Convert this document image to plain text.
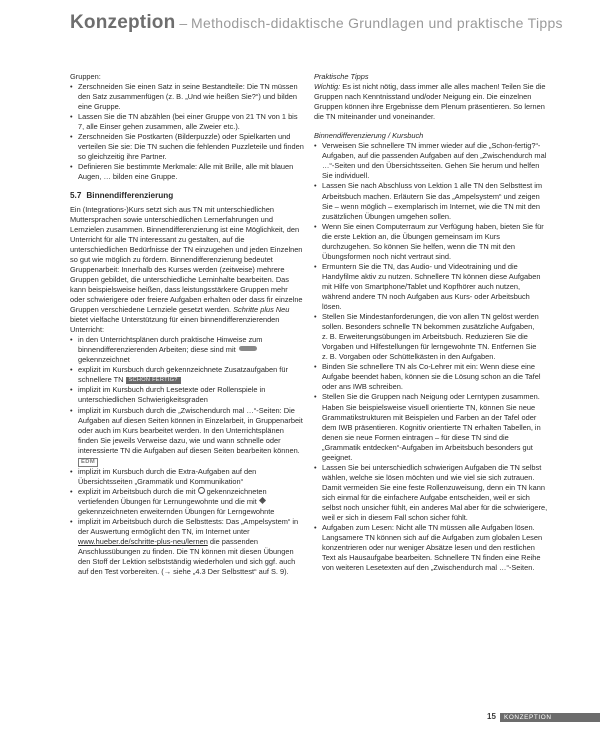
Konzeption – Methodisch-didaktische Grundlagen und praktische Tipps

Gruppen:

• Zerschneiden Sie einen Satz in seine Bestandteile: Die TN müssen den Satz zusammenfügen (z. B. „Und wie heißen Sie?“) und bilden eine Gruppe.
• Lassen Sie die TN abzählen (bei einer Gruppe von 21 TN von 1 bis 7, alle Einser gehen zusammen, alle Zweier etc.).
• Zerschneiden Sie Postkarten (Bilderpuzzle) oder Spielkarten und verteilen Sie sie: Die TN suchen die fehlenden Puzzleteile und finden so gleichzeitig ihre Partner.
• Definieren Sie bestimmte Merkmale: Alle mit Brille, alle mit blauen Augen, … bilden eine Gruppe.

5.7 Binnendifferenzierung

Ein (Integrations-)Kurs setzt sich aus TN mit unterschiedlichen Muttersprachen sowie unterschiedlichen Lernerfahrungen und Lernzielen zusammen. Binnendifferenzierung ist eine Möglichkeit, den Unterricht für alle TN interessant zu gestalten, auf die unterschiedlichen Bedürfnisse der TN einzugehen und jeden Einzelnen so gut wie möglich zu fördern. Binnendifferenzierung bedeutet Gruppenarbeit: Innerhalb des Kurses werden (zeitweise) mehrere Gruppen gebildet, die unterschiedliche Lerninhalte bearbeiten. Das kann beispielsweise heißen, dass leistungsstärkere Gruppen mehr oder schwierigere oder freiere Aufgaben erhalten oder dass fir einzelne Gruppen verschiedene Lernziele gesetzt werden. Schritte plus Neu bietet vielfache Unterstützung für einen binnendifferenzierenden Unterricht:

• in den Unterrichtsplänen durch praktische Hinweise zum binnendifferenzierenden Arbeiten; diese sind mit  gekennzeichnet
• explizit im Kursbuch durch gekennzeichnete Zusatzaufgaben für schnellere TN SCHON FERTIG?
• implizit im Kursbuch durch Lesetexte oder Rollenspiele in unterschiedlichen Schwierigkeitsgraden
• implizit im Kursbuch durch die „Zwischendurch mal …“-Seiten: Die Aufgaben auf diesen Seiten können in Einzelarbeit, in Gruppenarbeit oder auch im Kurs bearbeitet werden. In den Unterrichtsplänen finden Sie jeweils Verweise dazu, wie und wann schnelle oder interessierte TN die Aufgaben auf diesen Seiten bearbeiten können. EDM
• implizit im Kursbuch durch die Extra-Aufgaben auf den Übersichtsseiten „Grammatik und Kommunikation“
• explizit im Arbeitsbuch durch die mit gekennzeichneten vertiefenden Übungen für Lernungewohnte und die mit  gekennzeichneten erweiternden Übungen für Lerngewohnte
• implizit im Arbeitsbuch durch die Selbsttests: Das „Ampelsystem“ in der Auswertung ermöglicht den TN, im Internet unter www.hueber.de/schritte-plus-neu/lernen die passenden Anschlussübungen zu finden. Die TN können mit diesen Übungen den Stoff der Lektion selbstständig wiederholen und sich ggf. auch auf den Test vorbereiten. (→ siehe „4.3 Der Selbsttest“ auf S. 9).

Praktische Tipps

Wichtig: Es ist nicht nötig, dass immer alle alles machen! Teilen Sie die Gruppen nach Kenntnisstand und/oder Neigung ein. Die einzelnen Gruppen können ihre Ergebnisse dem Plenum präsentieren. So lernen die TN miteinander und voneinander.

Binnendifferenzierung / Kursbuch

• Verweisen Sie schnellere TN immer wieder auf die „Schon-fertig?“-Aufgaben, auf die passenden Aufgaben auf den „Zwischendurch mal …“-Seiten und den Übersichtsseiten. Gehen Sie herum und helfen Sie individuell.
• Lassen Sie nach Abschluss von Lektion 1 alle TN den Selbsttest im Arbeitsbuch machen. Erläutern Sie das „Ampelsystem“ und zeigen Sie – wenn möglich – exemplarisch im Internet, wie die TN mit den zusätzlichen Übungen umgehen sollen.
• Wenn Sie einen Computerraum zur Verfügung haben, bieten Sie für die erste Lektion an, die Übungen gemeinsam im Kurs durchzugehen. So können Sie helfen, wenn die TN mit den Übungsformen noch nicht vertraut sind.
• Ermuntern Sie die TN, das Audio- und Videotraining und die Handyfilme aktiv zu nutzen. Schnellere TN können diese Aufgaben mit Hilfe von Smartphone/Tablet und Kopfhörer auch nutzen, während andere TN noch Aufgaben aus Kurs- oder Arbeitsbuch lösen.
• Stellen Sie Mindestanforderungen, die von allen TN gelöst werden sollen. Besonders schnelle TN bekommen zusätzliche Aufgaben, z. B. Erweiterungsübungen im Arbeitsbuch. Reduzieren Sie die Vorgaben und Hilfestellungen für lerngewohnte TN. Entfernen Sie z. B. Vorgaben oder Schüttelkästen in den Aufgaben.
• Binden Sie schnellere TN als Co-Lehrer mit ein: Wenn diese eine Aufgabe beendet haben, können sie die Lösung schon an die Tafel oder ans IWB schreiben.
• Stellen Sie die Gruppen nach Neigung oder Lerntypen zusammen. Haben Sie beispielsweise visuell orientierte TN, können Sie neue Grammatikstrukturen mit Beispielen und Farben an der Tafel oder dem IWB präsentieren. Kognitiv orientierte TN erhalten Tabellen, in denen sie neue Formen eintragen – für diese TN sind die „Grammatik entdecken“-Aufgaben im Arbeitsbuch besonders gut geeignet.
• Lassen Sie bei unterschiedlich schwierigen Aufgaben die TN selbst wählen, welche sie lösen möchten und wie viel sie sich zutrauen. Damit vermeiden Sie eine feste Rollenzuweisung, denn ein TN kann sich einmal für die einfachere Aufgabe entscheiden, weil er sich selbst noch unsicher fühlt, ein anderes Mal aber für die schwierigere, weil er sich in diesem Fall schon sicher fühlt.
• Aufgaben zum Lesen: Nicht alle TN müssen alle Aufgaben lösen. Langsamere TN können sich auf die Aufgaben zum globalen Lesen konzentrieren oder nur weniger Absätze lesen und den restlichen Text als Hausaufgabe bearbeiten. Schnellere TN finden eine Reihe von weiteren Lesetexten auf den „Zwischendurch mal …“-Seiten.
15	KONZEPTION
